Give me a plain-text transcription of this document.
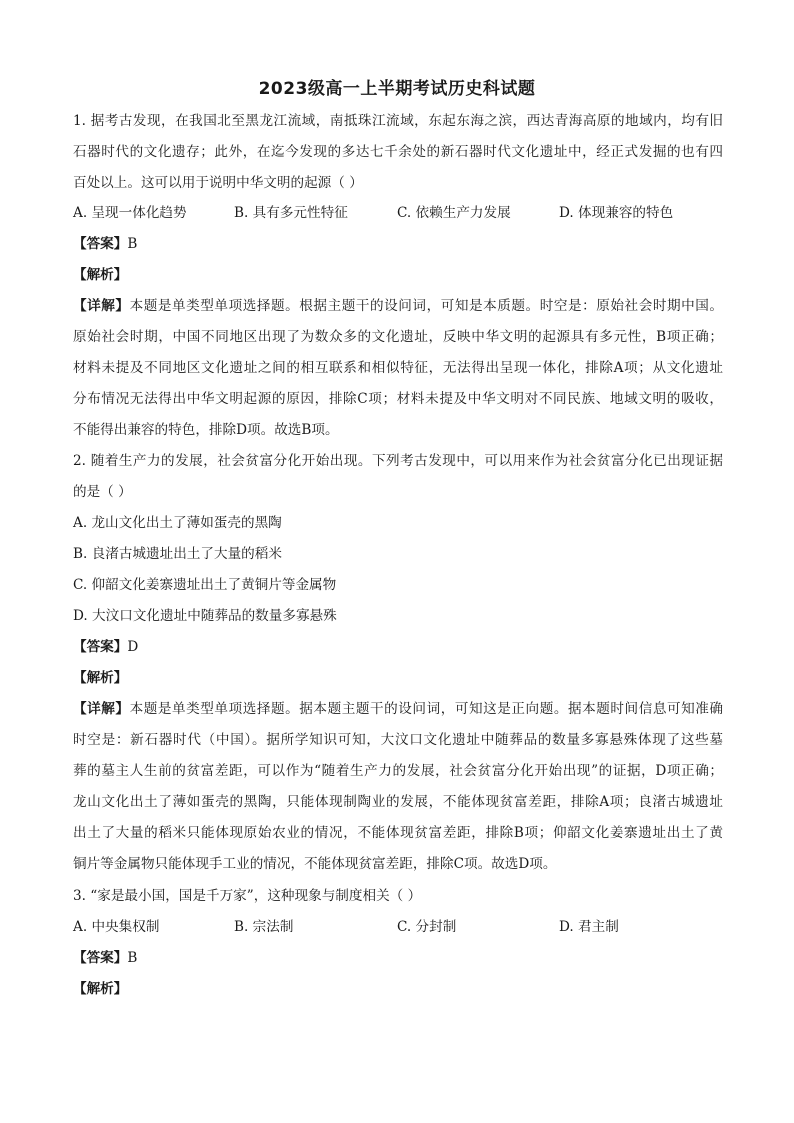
2023级高一上半期考试历史科试题
1. 据考古发现，在我国北至黑龙江流域，南抵珠江流域，东起东海之滨，西达青海高原的地域内，均有旧
石器时代的文化遗存；此外，在迄今发现的多达七千余处的新石器时代文化遗址中，经正式发掘的也有四
百处以上。这可以用于说明中华文明的起源（ ）
A. 呈现一体化趋势	B. 具有多元性特征	C. 依赖生产力发展	D. 体现兼容的特色
【答案】B
【解析】
【详解】本题是单类型单项选择题。根据主题干的设问词，可知是本质题。时空是：原始社会时期中国。
原始社会时期，中国不同地区出现了为数众多的文化遗址，反映中华文明的起源具有多元性，B项正确；
材料未提及不同地区文化遗址之间的相互联系和相似特征，无法得出呈现一体化，排除A项；从文化遗址
分布情况无法得出中华文明起源的原因，排除C项；材料未提及中华文明对不同民族、地域文明的吸收，
不能得出兼容的特色，排除D项。故选B项。
2. 随着生产力的发展，社会贫富分化开始出现。下列考古发现中，可以用来作为社会贫富分化已出现证据
的是（ ）
A. 龙山文化出土了薄如蛋壳的黑陶
B. 良渚古城遗址出土了大量的稻米
C. 仰韶文化姜寨遗址出土了黄铜片等金属物
D. 大汶口文化遗址中随葬品的数量多寡悬殊
【答案】D
【解析】
【详解】本题是单类型单项选择题。据本题主题干的设问词，可知这是正向题。据本题时间信息可知准确
时空是：新石器时代（中国）。据所学知识可知，大汶口文化遗址中随葬品的数量多寡悬殊体现了这些墓
葬的墓主人生前的贫富差距，可以作为“随着生产力的发展，社会贫富分化开始出现”的证据，D项正确；
龙山文化出土了薄如蛋壳的黑陶，只能体现制陶业的发展，不能体现贫富差距，排除A项；良渚古城遗址
出土了大量的稻米只能体现原始农业的情况，不能体现贫富差距，排除B项；仰韶文化姜寨遗址出土了黄
铜片等金属物只能体现手工业的情况，不能体现贫富差距，排除C项。故选D项。
3. “家是最小国，国是千万家”，这种现象与制度相关（ ）
A. 中央集权制	B. 宗法制	C. 分封制	D. 君主制
【答案】B
【解析】
